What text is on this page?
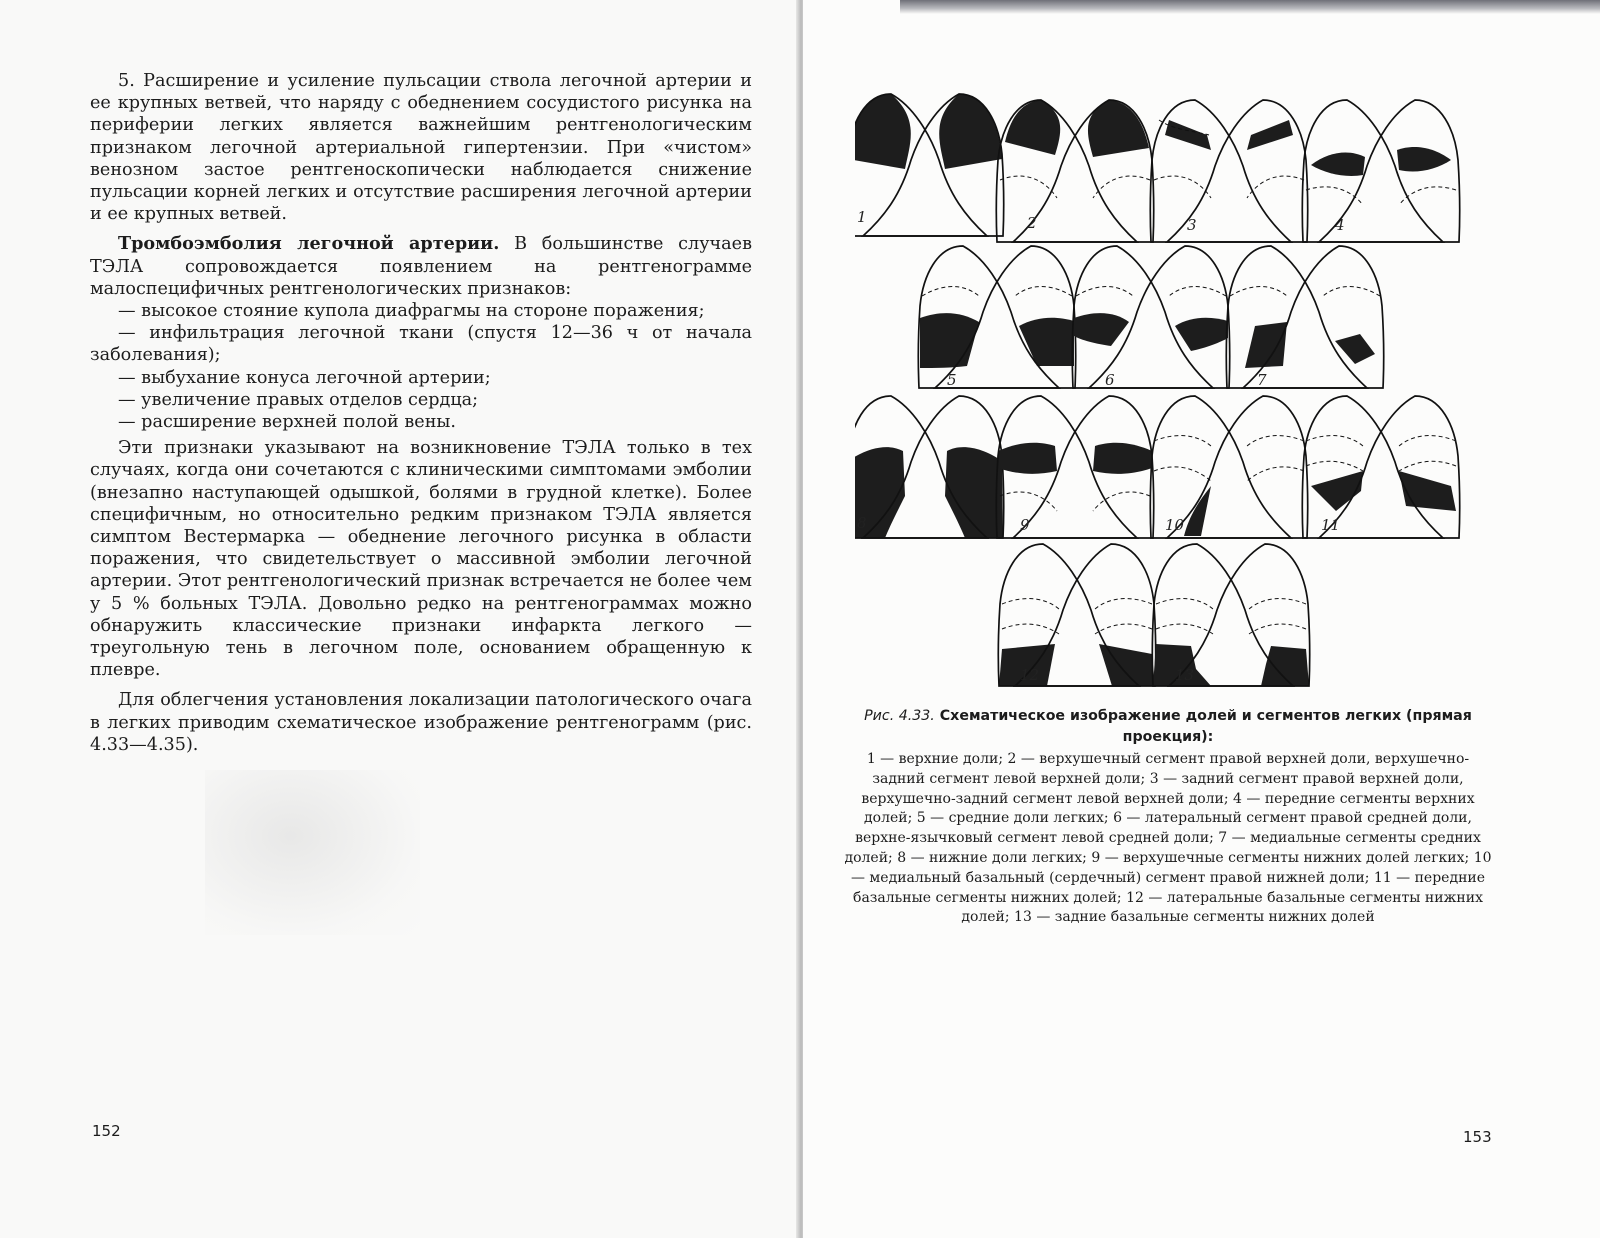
5. Расширение и усиление пульсации ствола легочной артерии и ее крупных ветвей, что наряду с обеднением сосудистого рисунка на периферии легких является важнейшим рентгенологическим признаком легочной артериальной гипертензии. При «чистом» венозном застое рентгеноскопически наблюдается снижение пульсации корней легких и отсутствие расширения легочной артерии и ее крупных ветвей.

Тромбоэмболия легочной артерии. В большинстве случаев ТЭЛА сопровождается появлением на рентгенограмме малоспецифичных рентгенологических признаков:

— высокое стояние купола диафрагмы на стороне поражения;

— инфильтрация легочной ткани (спустя 12—36 ч от начала заболевания);

— выбухание конуса легочной артерии;

— увеличение правых отделов сердца;

— расширение верхней полой вены.

Эти признаки указывают на возникновение ТЭЛА только в тех случаях, когда они сочетаются с клиническими симптомами эмболии (внезапно наступающей одышкой, болями в грудной клетке). Более специфичным, но относительно редким признаком ТЭЛА является симптом Вестермарка — обеднение легочного рисунка в области поражения, что свидетельствует о массивной эмболии легочной артерии. Этот рентгенологический признак встречается не более чем у 5 % больных ТЭЛА. Довольно редко на рентгенограммах можно обнаружить классические признаки инфаркта легкого — треугольную тень в легочном поле, основанием обращенную к плевре.

Для облегчения установления локализации патологического очага в легких приводим схематическое изображение рентгенограмм (рис. 4.33—4.35).

152
1	2	3	4
5	6	7
8	9	10	11
12	13
Рис. 4.33. Схематическое изображение долей и сегментов легких (прямая проекция):
1 — верхние доли; 2 — верхушечный сегмент правой верхней доли, верхушечно-задний сегмент левой верхней доли; 3 — задний сегмент правой верхней доли, верхушечно-задний сегмент левой верхней доли; 4 — передние сегменты верхних долей; 5 — средние доли легких; 6 — латеральный сегмент правой средней доли, верхне-язычковый сегмент левой средней доли; 7 — медиальные сегменты средних долей; 8 — нижние доли легких; 9 — верхушечные сегменты нижних долей легких; 10 — медиальный базальный (сердечный) сегмент правой нижней доли; 11 — передние базальные сегменты нижних долей; 12 — латеральные базальные сегменты нижних долей; 13 — задние базальные сегменты нижних долей
153
